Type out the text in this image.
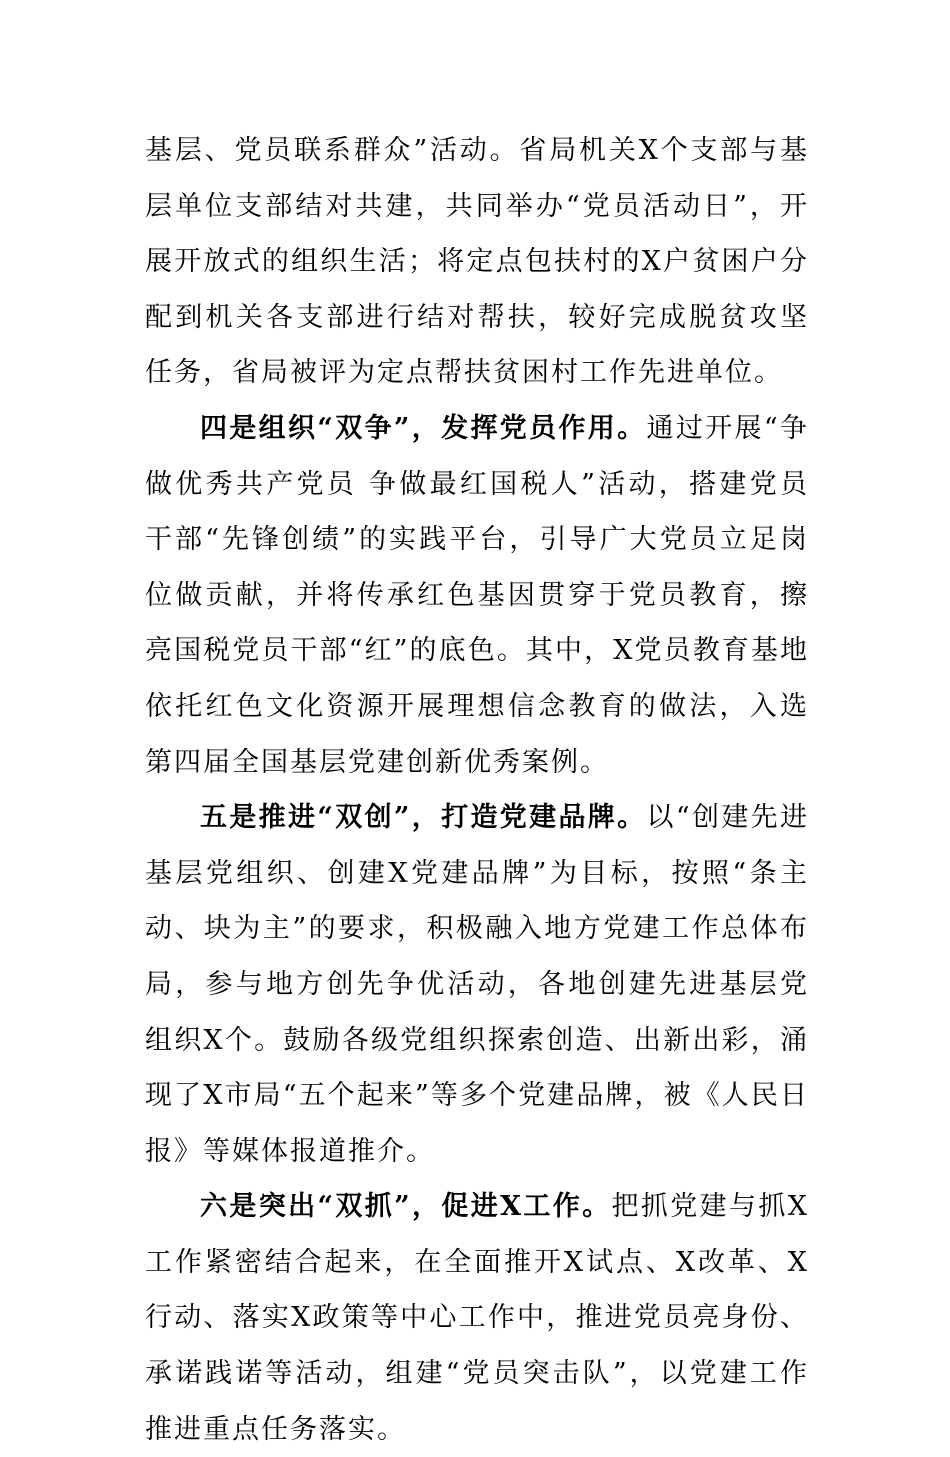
基层、党员联系群众”活动。省局机关X个支部与基层单位支部结对共建，共同举办“党员活动日”，开展开放式的组织生活；将定点包扶村的X户贫困户分配到机关各支部进行结对帮扶，较好完成脱贫攻坚任务，省局被评为定点帮扶贫困村工作先进单位。

四是组织“双争”，发挥党员作用。通过开展“争做优秀共产党员 争做最红国税人”活动，搭建党员干部“先锋创绩”的实践平台，引导广大党员立足岗位做贡献，并将传承红色基因贯穿于党员教育，擦亮国税党员干部“红”的底色。其中，X党员教育基地依托红色文化资源开展理想信念教育的做法，入选第四届全国基层党建创新优秀案例。

五是推进“双创”，打造党建品牌。以“创建先进基层党组织、创建X党建品牌”为目标，按照“条主动、块为主”的要求，积极融入地方党建工作总体布局，参与地方创先争优活动，各地创建先进基层党组织X个。鼓励各级党组织探索创造、出新出彩，涌现了X市局“五个起来”等多个党建品牌，被《人民日报》等媒体报道推介。

六是突出“双抓”，促进X工作。把抓党建与抓X工作紧密结合起来，在全面推开X试点、X改革、X行动、落实X政策等中心工作中，推进党员亮身份、承诺践诺等活动，组建“党员突击队”，以党建工作推进重点任务落实。
